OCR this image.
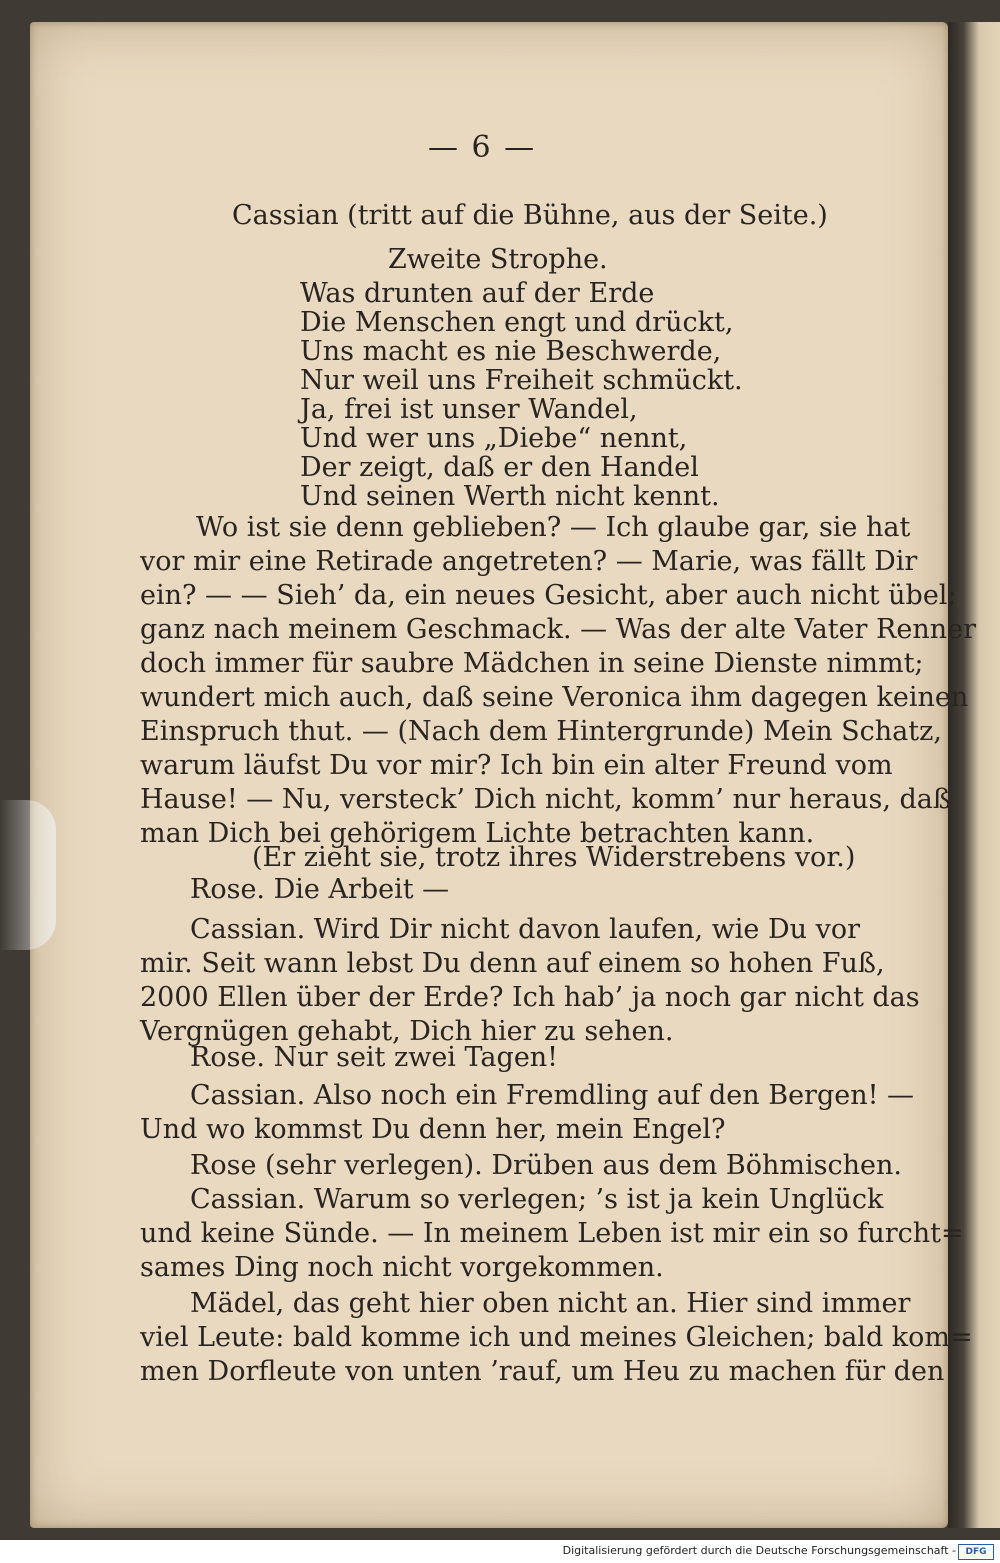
— 6 —
Cassian (tritt auf die Bühne, aus der Seite.)
Zweite Strophe.
Was drunten auf der Erde
Die Menschen engt und drückt,
Uns macht es nie Beschwerde,
Nur weil uns Freiheit schmückt.
Ja, frei ist unser Wandel,
Und wer uns „Diebe“ nennt,
Der zeigt, daß er den Handel
Und seinen Werth nicht kennt.
Wo ist sie denn geblieben? — Ich glaube gar, sie hat
vor mir eine Retirade angetreten? — Marie, was fällt Dir
ein? — — Sieh’ da, ein neues Gesicht, aber auch nicht übel;
ganz nach meinem Geschmack. — Was der alte Vater Renner
doch immer für saubre Mädchen in seine Dienste nimmt;
wundert mich auch, daß seine Veronica ihm dagegen keinen
Einspruch thut. — (Nach dem Hintergrunde) Mein Schatz,
warum läufst Du vor mir? Ich bin ein alter Freund vom
Hause! — Nu, versteck’ Dich nicht, komm’ nur heraus, daß
man Dich bei gehörigem Lichte betrachten kann.
(Er zieht sie, trotz ihres Widerstrebens vor.)
Rose. Die Arbeit —
Cassian. Wird Dir nicht davon laufen, wie Du vor
mir. Seit wann lebst Du denn auf einem so hohen Fuß,
2000 Ellen über der Erde? Ich hab’ ja noch gar nicht das
Vergnügen gehabt, Dich hier zu sehen.
Rose. Nur seit zwei Tagen!
Cassian. Also noch ein Fremdling auf den Bergen! —
Und wo kommst Du denn her, mein Engel?
Rose (sehr verlegen). Drüben aus dem Böhmischen.
Cassian. Warum so verlegen; ’s ist ja kein Unglück
und keine Sünde. — In meinem Leben ist mir ein so furcht=
sames Ding noch nicht vorgekommen.
Mädel, das geht hier oben nicht an. Hier sind immer
viel Leute: bald komme ich und meines Gleichen; bald kom=
men Dorfleute von unten ’rauf, um Heu zu machen für den
Digitalisierung gefördert durch die Deutsche Forschungsgemeinschaft -	DFG
